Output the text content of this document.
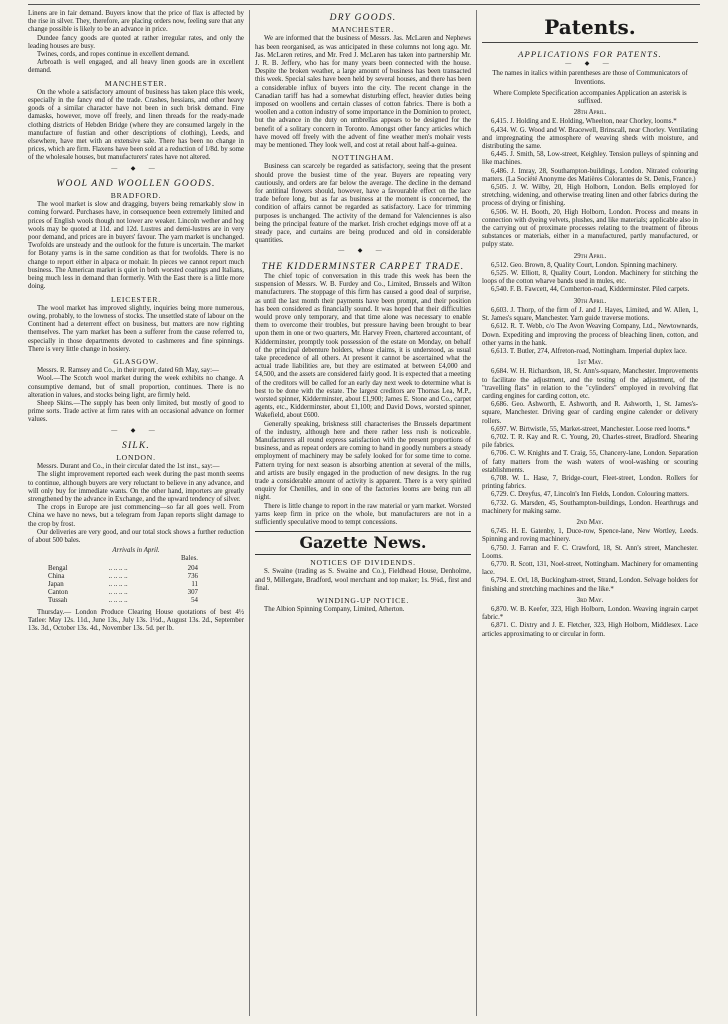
Linens are in fair demand. Buyers know that the price of flax is affected by the rise in silver. They, therefore, are placing orders now, feeling sure that any change possible is likely to be an advance in price.

Dundee fancy goods are quoted at rather irregular rates, and only the leading houses are busy.

Twines, cords, and ropes continue in excellent demand.

Arbroath is well engaged, and all heavy linen goods are in excellent demand.

MANCHESTER.

On the whole a satisfactory amount of business has taken place this week, especially in the fancy end of the trade. Crashes, hessians, and other heavy goods of a similar character have not been in such brisk demand. Fine damasks, however, move off freely, and linen threads for the ready-made clothing districts of Hebden Bridge (where they are consumed largely in the manufacture of fustian and other descriptions of clothing), Leeds, and elsewhere, have met with an extensive sale. There has been no change in prices, which are firm. Flaxens have been sold at a reduction of 1/8d. by some of the wholesale houses, but manufacturers' rates have not altered.

— ◆ —
WOOL AND WOOLLEN GOODS.
BRADFORD.

The wool market is slow and dragging, buyers being remarkably slow in coming forward. Purchases have, in consequence been extremely limited and prices of English wools though not lower are weaker. Lincoln wether and hog wools may be quoted at 11d. and 12d. Lustres and demi-lustres are in very poor demand, and prices are in buyers' favour. The yarn market is unchanged. Twofolds are unsteady and the outlook for the future is uncertain. The market for Botany yarns is in the same condition as that for twofolds. There is no change to report either in alpaca or mohair. In pieces we cannot report much business. The American market is quiet in both worsted coatings and Italians, being much less in demand than formerly. With the East there is a little more doing.

LEICESTER.

The wool market has improved slightly, inquiries being more numerous, owing, probably, to the lowness of stocks. The unsettled state of labour on the Continent had a deterrent effect on business, but matters are now righting themselves. The yarn market has been a sufferer from the cause referred to, especially in those departments devoted to cashmeres and fine spinnings. There is very little change in hosiery.

GLASGOW.

Messrs. R. Ramsey and Co., in their report, dated 6th May, say:—

Wool.—The Scotch wool market during the week exhibits no change. A consumptive demand, but of small proportion, continues. There is no alteration in values, and stocks being light, are firmly held.

Sheep Skins.—The supply has been only limited, but mostly of good to prime sorts. Trade active at firm rates with an occasional advance on former values.

— ◆ —
SILK.
LONDON.

Messrs. Durant and Co., in their circular dated the 1st inst., say:—

The slight improvement reported each week during the past month seems to continue, although buyers are very reluctant to believe in any advance, and will only buy for immediate wants. On the other hand, importers are greatly strengthened by the advance in Exchange, and the upward tendency of silver.

The crops in Europe are just commencing—so far all goes well. From China we have no news, but a telegram from Japan reports slight damage to the crop by frost.

Our deliveries are very good, and our total stock shows a further reduction of about 500 bales.

Arrivals in April.
Bales.
Bengal	.. .. .. ..	204
China	.. .. .. ..	736
Japan	.. .. .. ..	11
Canton	.. .. .. ..	307
Tussah	.. .. .. ..	54

Thursday.— London Produce Clearing House quotations of best 4½ Tatlee: May 12s. 11d., June 13s., July 13s. 1½d., August 13s. 2d., September 13s. 3d., October 13s. 4d., November 13s. 5d. per lb.

DRY GOODS.
MANCHESTER.

We are informed that the business of Messrs. Jas. McLaren and Nephews has been reorganised, as was anticipated in these columns not long ago. Mr. Jas. McLaren retires, and Mr. Fred J. McLaren has taken into partnership Mr. J. R. B. Jeffery, who has for many years been connected with the house. Despite the broken weather, a large amount of business has been transacted this week. Special sales have been held by several houses, and there has been a considerable influx of buyers into the city. The recent change in the Canadian tariff has had a somewhat disturbing effect, heavier duties being imposed on woollens and certain classes of cotton fabrics. There is both a woollen and a cotton industry of some importance in the Dominion to protect, but the advance in the duty on umbrellas appears to be designed for the benefit of a solitary concern in Toronto. Amongst other fancy articles which have moved off freely with the advent of fine weather men's mohair vests may be mentioned. They look well, and cost at retail about half-a-guinea.

NOTTINGHAM.

Business can scarcely be regarded as satisfactory, seeing that the present should prove the busiest time of the year. Buyers are repeating very cautiously, and orders are far below the average. The decline in the demand for antitinal flowers should, however, have a favourable effect on the lace trade before long, but as far as business at the moment is concerned, the condition of affairs cannot be regarded as satisfactory. Lace for trimming purposes is unchanged. The activity of the demand for Valenciennes is also being the principal feature of the market. Irish crochet edgings move off at a steady pace, and curtains are being produced and old in considerable quantities.

— ◆ —
THE KIDDERMINSTER CARPET TRADE.

The chief topic of conversation in this trade this week has been the suspension of Messrs. W. B. Furdey and Co., Limited, Brussels and Wilton manufacturers. The stoppage of this firm has caused a good deal of surprise, as until the last month their payments have been prompt, and their position has been considered as financially sound. It was hoped that their difficulties would prove only temporary, and that time alone was necessary to enable them to overcome their troubles, but pressure having been brought to bear upon them in one or two quarters, Mr. Harvey Freen, chartered accountant, of Kidderminster, promptly took possession of the estate on Monday, on behalf of the principal debenture holders, whose claims, it is understood, as usual take precedence of all others. At present it cannot be ascertained what the actual trade liabilities are, but they are estimated at between £4,000 and £4,500, and the assets are considered fairly good. It is expected that a meeting of the creditors will be called for an early day next week to determine what is best to be done with the estate. The largest creditors are Thomas Lea, M.P., worsted spinner, Kidderminster, about £1,900; James E. Stone and Co., carpet agents, etc., Kidderminster, about £1,100; and David Dows, worsted spinner, Wakefield, about £600.

Generally speaking, briskness still characterises the Brussels department of the industry, although here and there rather less rush is noticeable. Manufacturers all round express satisfaction with the present proportions of business, and as repeat orders are coming to hand in goodly numbers a steady employment of machinery may be safely looked for for some time to come. Pattern trying for next season is absorbing attention at several of the mills, and artists are busily engaged in the production of new designs. In the rug trade a considerable amount of activity is apparent. There is a very spirited enquiry for Chenilles, and in one of the factories looms are being run all night.

There is little change to report in the raw material or yarn market. Worsted yarns keep firm in price on the whole, but manufacturers are not in a sufficiently speculative mood to tempt concessions.

Gazette News.
NOTICES OF DIVIDENDS.

S. Swaine (trading as S. Swaine and Co.), Fieldhead House, Denholme, and 9, Millergate, Bradford, wool merchant and top maker; 1s. 9¼d., first and final.

WINDING-UP NOTICE.

The Albion Spinning Company, Limited, Atherton.

Patents.
APPLICATIONS FOR PATENTS.
— ◆ —

The names in italics within parentheses are those of Communicators of Inventions.

Where Complete Specification accompanies Application an asterisk is suffixed.

28th April.

6,415. J. Holding and E. Holding, Wheelton, near Chorley, looms.*

6,434. W. G. Wood and W. Bracewell, Brinscall, near Chorley. Ventilating and impregnating the atmosphere of weaving sheds with moisture, and distributing the same.

6,445. J. Smith, 58, Low-street, Keighley. Tension pulleys of spinning and like machines.

6,486. J. Imray, 28, Southampton-buildings, London. Nitrated colouring matters. (La Société Anonyme des Matières Colorantes de St. Denis, France.)

6,505. J. W. Wilby, 20, High Holborn, London. Bells employed for stretching, widening, and otherwise treating linen and other fabrics during the process of drying or finishing.

6,506. W. H. Booth, 20, High Holborn, London. Process and means in connection with dyeing velvets, plushes, and like materials; applicable also in the carrying out of proximate processes relating to the treatment of fibrous substances or materials, either in a manufactured, partly manufactured, or pulpy state.

29th April.

6,512. Geo. Brown, 8, Quality Court, London. Spinning machinery.

6,525. W. Elliott, 8, Quality Court, London. Machinery for stitching the loops of the cotton wharve bands used in mules, etc.

6,540. F. B. Fawcett, 44, Comberton-road, Kidderminster. Piled carpets.

30th April.

6,603. J. Thorp, of the firm of J. and J. Hayes, Limited, and W. Allen, 1, St. James's square, Manchester. Yarn guide traverse motions.

6,612. R. T. Webb, c/o The Avon Weaving Company, Ltd., Newtownards, Down. Expediting and improving the process of bleaching linen, cotton, and other yarns in the hank.

6,613. T. Butler, 274, Alfreton-road, Nottingham. Imperial duplex lace.

1st May.

6,684. W. H. Richardson, 18, St. Ann's-square, Manchester. Improvements to facilitate the adjustment, and the testing of the adjustment, of the "travelling flats" in relation to the "cylinders" employed in revolving flat carding engines for carding cotton, etc.

6,686. Geo. Ashworth, E. Ashworth, and R. Ashworth, 1, St. James's-square, Manchester. Driving gear of carding engine calender or delivery rollers.

6,697. W. Birtwistle, 55, Market-street, Manchester. Loose reed looms.*

6,702. T. R. Kay and R. C. Young, 20, Charles-street, Bradford. Shearing pile fabrics.

6,706. C. W. Knights and T. Craig, 55, Chancery-lane, London. Separation of fatty matters from the wash waters of wool-washing or scouring establishments.

6,708. W. L. Hase, 7, Bridge-court, Fleet-street, London. Rollers for printing fabrics.

6,729. C. Dreyfus, 47, Lincoln's Inn Fields, London. Colouring matters.

6,732. G. Marsden, 45, Southampton-buildings, London. Hearthrugs and machinery for making same.

2nd May.

6,745. H. E. Gatenby, 1, Duce-row, Spence-lane, New Wortley, Leeds. Spinning and roving machinery.

6,750. J. Farran and F. C. Crawford, 18, St. Ann's street, Manchester. Looms.

6,770. R. Scott, 131, Noel-street, Nottingham. Machinery for ornamenting lace.

6,794. E. Orl, 18, Buckingham-street, Strand, London. Selvage holders for finishing and stretching machines and the like.*

3rd May.

6,870. W. B. Keefer, 323, High Holborn, London. Weaving ingrain carpet fabric.*

6,871. C. Dixtry and J. E. Fletcher, 323, High Holborn, Middlesex. Lace articles approximating to or circular in form.
